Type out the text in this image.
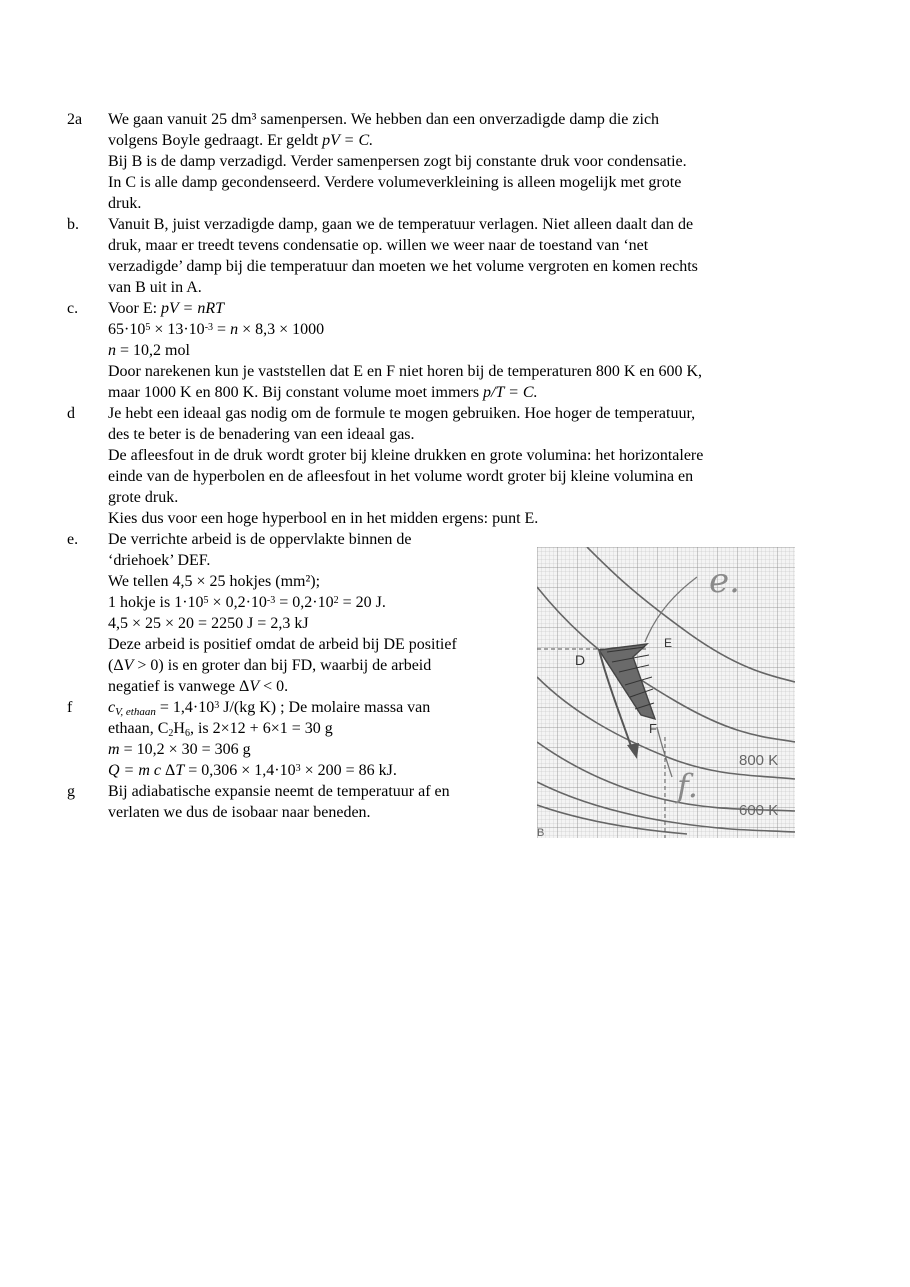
2a We gaan vanuit 25 dm³ samenpersen. We hebben dan een onverzadigde damp die zich
volgens Boyle gedraagt. Er geldt pV = C.
Bij B is de damp verzadigd. Verder samenpersen zogt bij constante druk voor condensatie.
In C is alle damp gecondenseerd. Verdere volumeverkleining is alleen mogelijk met grote
druk.
b. Vanuit B, juist verzadigde damp, gaan we de temperatuur verlagen. Niet alleen daalt dan de
druk, maar er treedt tevens condensatie op. willen we weer naar de toestand van ‘net
verzadigde’ damp bij die temperatuur dan moeten we het volume vergroten en komen rechts
van B uit in A.
c. Voor E: pV = nRT
$65\cdot 10^5 \times 13\cdot 10^{-3} = n \times 8,3 \times 1000$
n = 10,2 mol
Door narekenen kun je vaststellen dat E en F niet horen bij de temperaturen 800 K en 600 K,
maar 1000 K en 800 K. Bij constant volume moet immers p/T = C.
d Je hebt een ideaal gas nodig om de formule te mogen gebruiken. Hoe hoger de temperatuur,
des te beter is de benadering van een ideaal gas.
De afleesfout in de druk wordt groter bij kleine drukken en grote volumina: het horizontalere
einde van de hyperbolen en de afleesfout in het volume wordt groter bij kleine volumina en
grote druk.
Kies dus voor een hoge hyperbool en in het midden ergens: punt E.
e. De verrichte arbeid is de oppervlakte binnen de
‘driehoek’ DEF.
We tellen 4,5 × 25 hokjes (mm²);
1 hokje is $1\cdot 10^5 \times 0,2\cdot 10^{-3} = 0,2\cdot 10^2 = 20$ J.
4,5 × 25 × 20 = 2250 J = 2,3 kJ
Deze arbeid is positief omdat de arbeid bij DE positief
(ΔV > 0) is en groter dan bij FD, waarbij de arbeid
negatief is vanwege ΔV < 0.
f $c_{V, ethaan} = 1,4\cdot 10^3$ J/(kg K) ; De molaire massa van
ethaan, $C_2H_6$, is 2×12 + 6×1 = 30 g
m = 10,2 × 30 = 306 g
Q = m c $\Delta T = 0,306 \times 1,4\cdot 10^3 \times 200 = 86$ kJ.
g Bij adiabatische expansie neemt de temperatuur af en
verlaten we dus de isobaar naar beneden.
D
E
F
800 K
600 K
e.
f.
B
